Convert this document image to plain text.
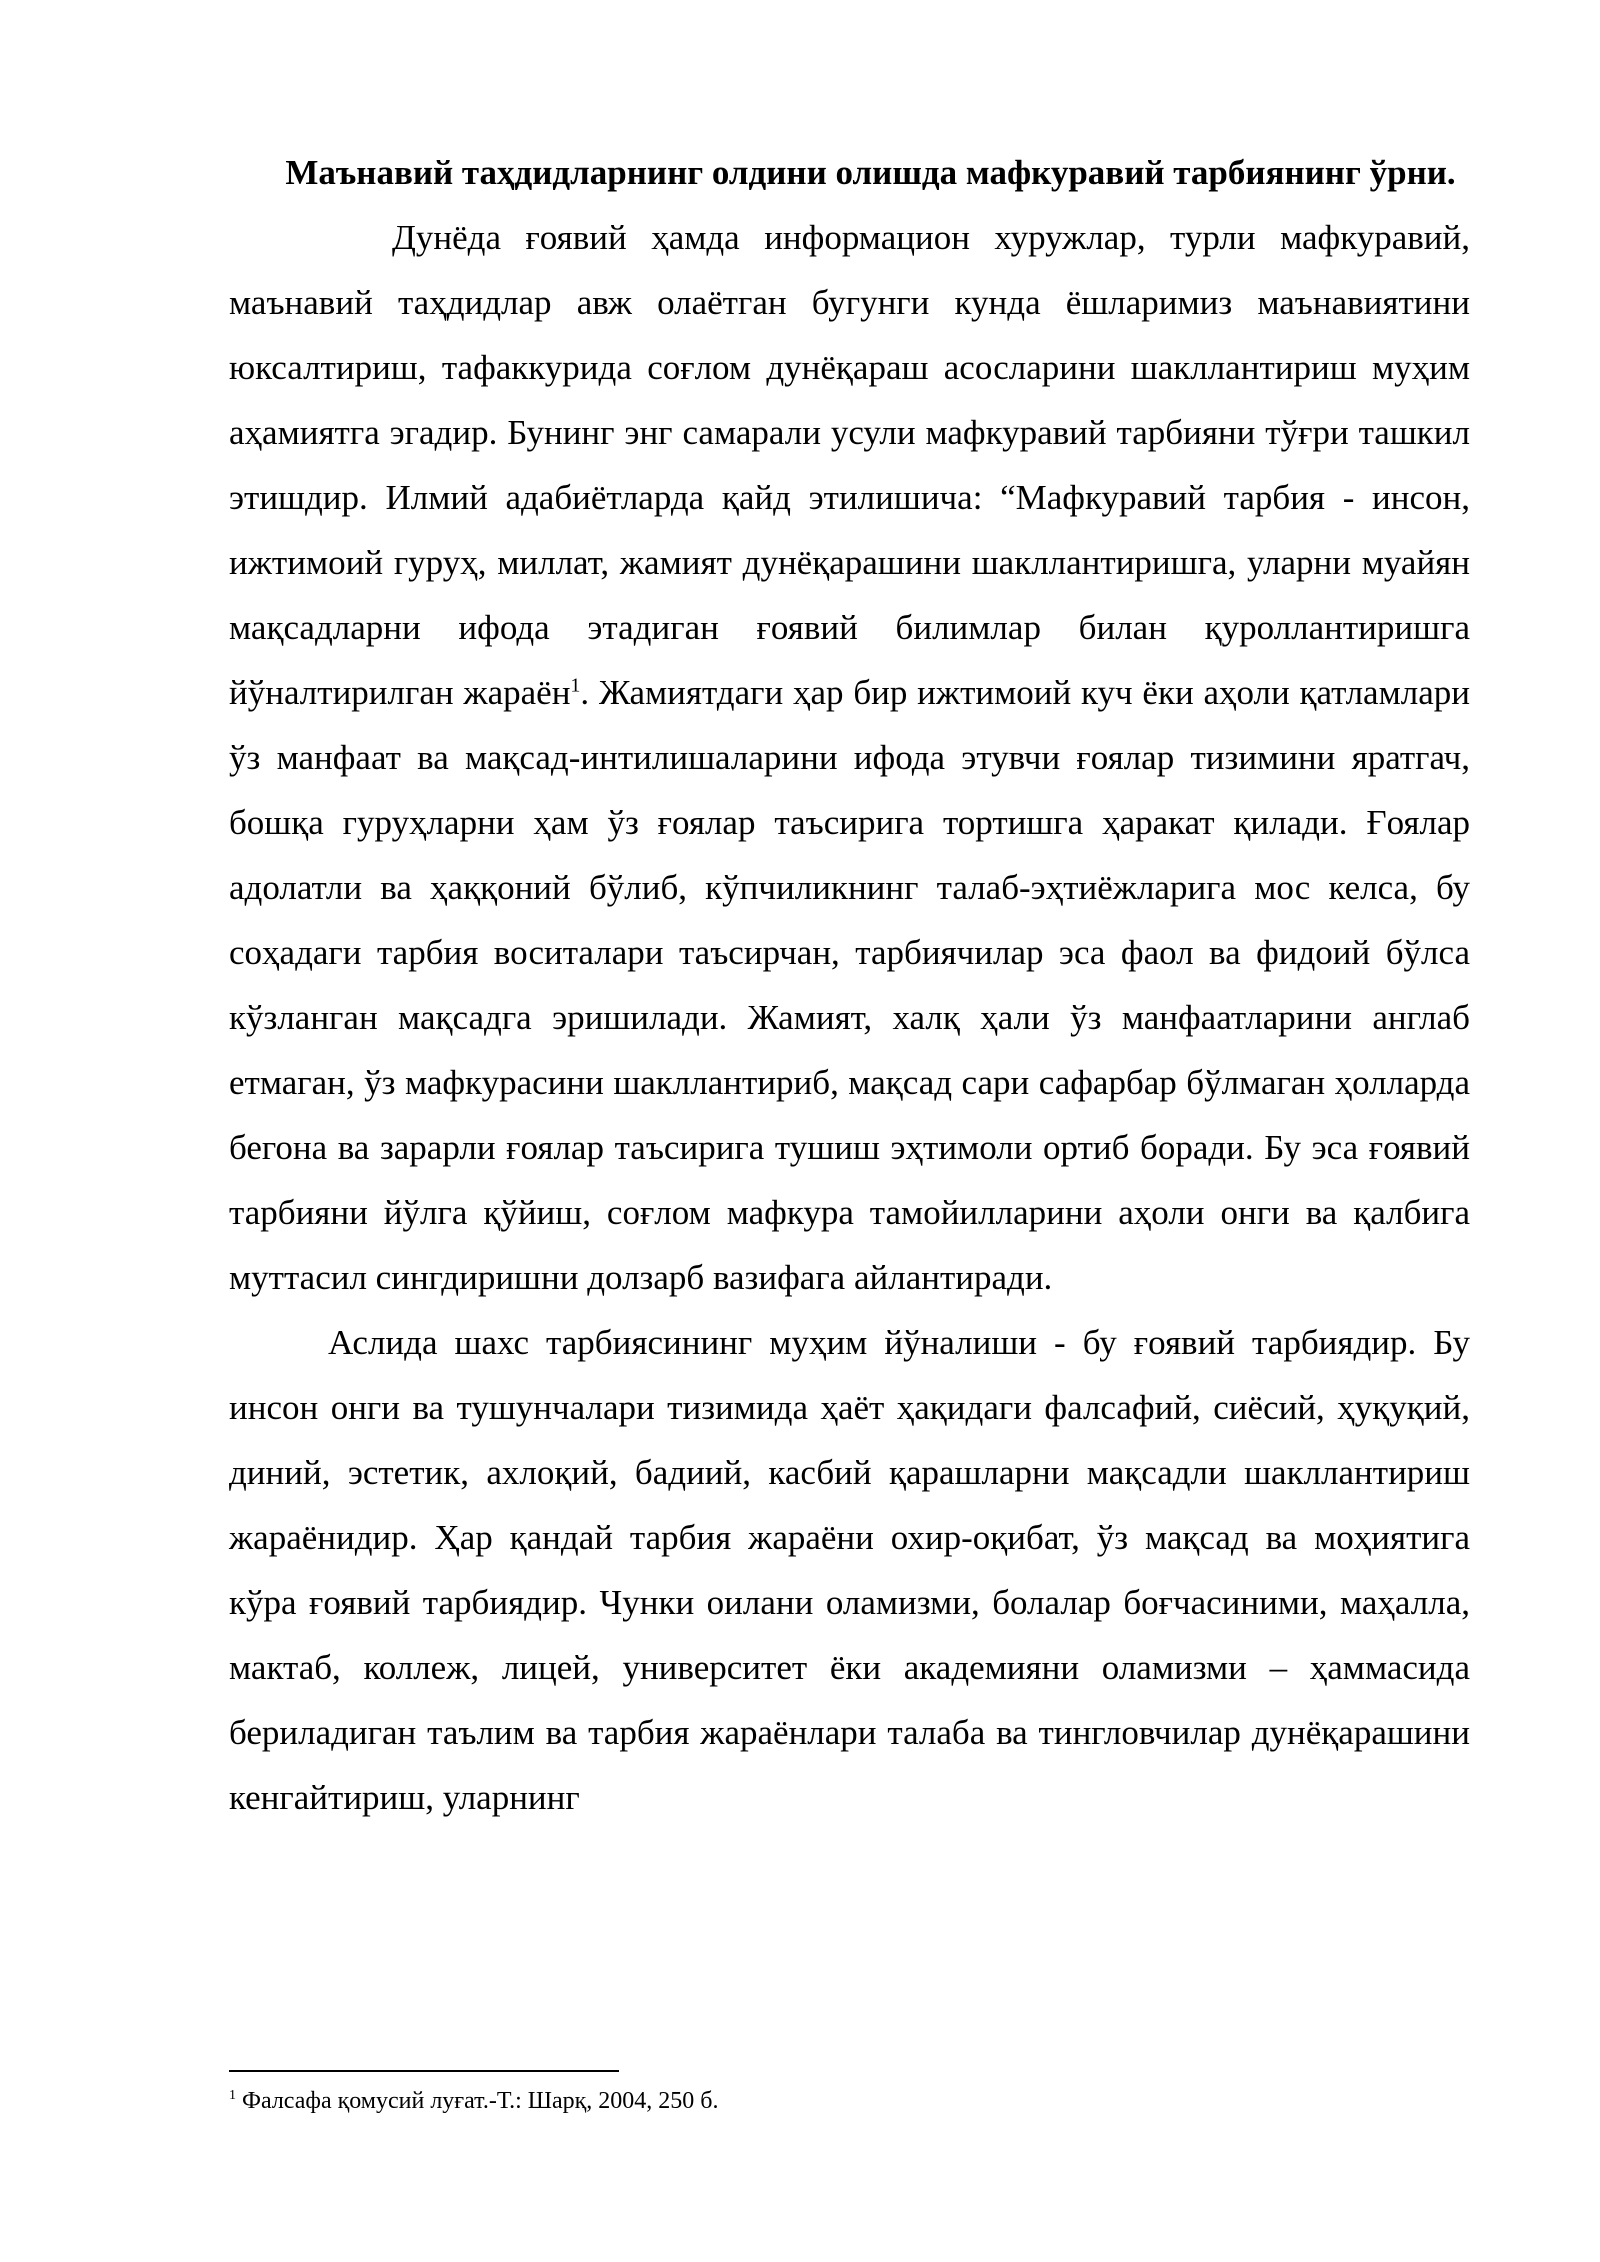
Маънавий таҳдидларнинг олдини олишда мафкуравий тарбиянинг ўрни.

Дунёда ғоявий ҳамда информацион хуружлар, турли мафкуравий, маънавий таҳдидлар авж олаётган бугунги кунда ёшларимиз маънавиятини юксалтириш, тафаккурида соғлом дунёқараш асосларини шакллантириш муҳим аҳамиятга эгадир. Бунинг энг самарали усули мафкуравий тарбияни тўғри ташкил этишдир. Илмий адабиётларда қайд этилишича: “Мафкуравий тарбия - инсон, ижтимоий гуруҳ, миллат, жамият дунёқарашини шакллантиришга, уларни муайян мақсадларни ифода этадиган ғоявий билимлар билан қуроллантиришга йўналтирилган жараён$^1$. Жамиятдаги ҳар бир ижтимоий куч ёки аҳоли қатламлари ўз манфаат ва мақсад-интилишаларини ифода этувчи ғоялар тизимини яратгач, бошқа гуруҳларни ҳам ўз ғоялар таъсирига тортишга ҳаракат қилади. Ғоялар адолатли ва ҳаққоний бўлиб, кўпчиликнинг талаб-эҳтиёжларига мос келса, бу соҳадаги тарбия воситалари таъсирчан, тарбиячилар эса фаол ва фидоий бўлса кўзланган мақсадга эришилади. Жамият, халқ ҳали ўз манфаатларини англаб етмаган, ўз мафкурасини шакллантириб, мақсад сари сафарбар бўлмаган ҳолларда бегона ва зарарли ғоялар таъсирига тушиш эҳтимоли ортиб боради. Бу эса ғоявий тарбияни йўлга қўйиш, соғлом мафкура тамойилларини аҳоли онги ва қалбига муттасил сингдиришни долзарб вазифага айлантиради.

Аслида шахс тарбиясининг муҳим йўналиши - бу ғоявий тарбиядир. Бу инсон онги ва тушунчалари тизимида ҳаёт ҳақидаги фалсафий, сиёсий, ҳуқуқий, диний, эстетик, ахлоқий, бадиий, касбий қарашларни мақсадли шакллантириш жараёнидир. Ҳар қандай тарбия жараёни охир-оқибат, ўз мақсад ва моҳиятига кўра ғоявий тарбиядир. Чунки оилани оламизми, болалар боғчасиними, маҳалла, мактаб, коллеж, лицей, университет ёки академияни оламизми – ҳаммасида бериладиган таълим ва тарбия жараёнлари талаба ва тингловчилар дунёқарашини кенгайтириш, уларнинг

$^1$ Фалсафа қомусий луғат.-Т.: Шарқ, 2004, 250 б.
